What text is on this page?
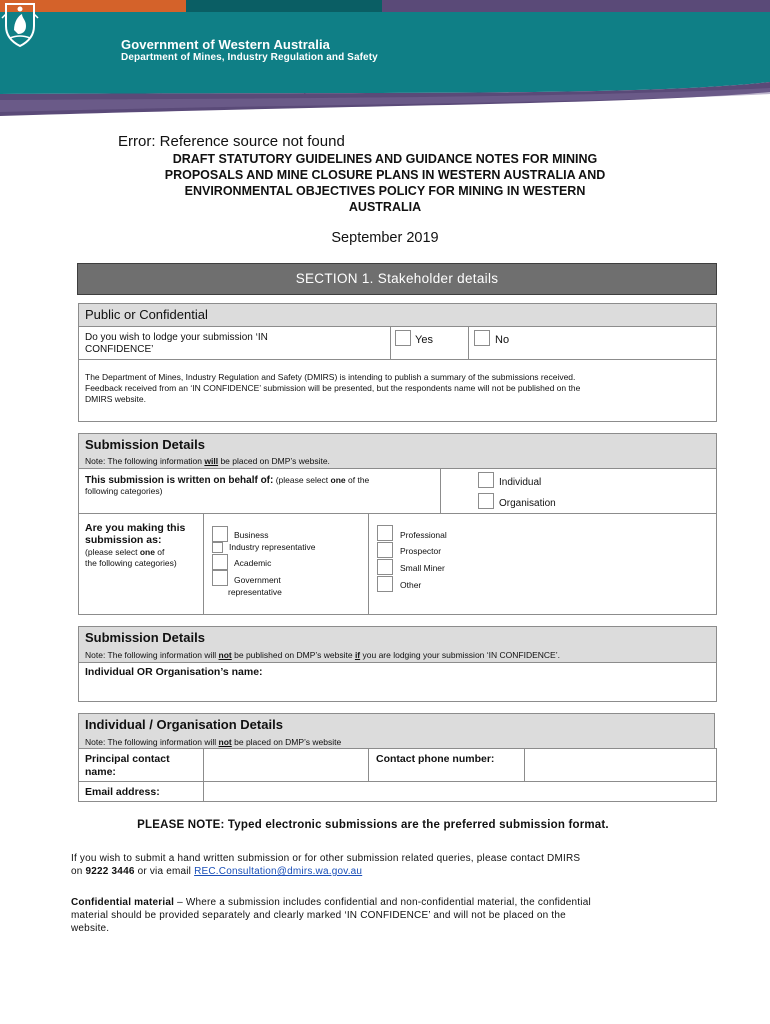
Government of Western Australia
Department of Mines, Industry Regulation and Safety
Error: Reference source not found
DRAFT STATUTORY GUIDELINES AND GUIDANCE NOTES FOR MINING
PROPOSALS AND MINE CLOSURE PLANS IN WESTERN AUSTRALIA AND
ENVIRONMENTAL OBJECTIVES POLICY FOR MINING IN WESTERN
AUSTRALIA
September 2019
SECTION 1. Stakeholder details
Public or Confidential
Do you wish to lodge your submission ‘IN
CONFIDENCE’
Yes	No
The Department of Mines, Industry Regulation and Safety (DMIRS) is intending to publish a summary of the submissions received.
Feedback received from an ‘IN CONFIDENCE’ submission will be presented, but the respondents name will not be published on the
DMIRS website.
Submission Details
Note: The following information will be placed on DMP’s website.
This submission is written on behalf of: (please select one of the
following categories)
Individual
Organisation
Are you making this
submission as:
(please select one of
the following categories)
Business
Industry representative
Academic
Government
representative
Professional
Prospector
Small Miner
Other
Submission Details
Note: The following information will not be published on DMP’s website if you are lodging your submission ‘IN CONFIDENCE’.
Individual OR Organisation’s name:
Individual / Organisation Details
Note: The following information will not be placed on DMP’s website
Principal contact
name:
Contact phone number:
Email address:
PLEASE NOTE: Typed electronic submissions are the preferred submission format.
If you wish to submit a hand written submission or for other submission related queries, please contact DMIRS
on 9222 3446 or via email REC.Consultation@dmirs.wa.gov.au
Confidential material – Where a submission includes confidential and non-confidential material, the confidential
material should be provided separately and clearly marked ‘IN CONFIDENCE’ and will not be placed on the
website.
